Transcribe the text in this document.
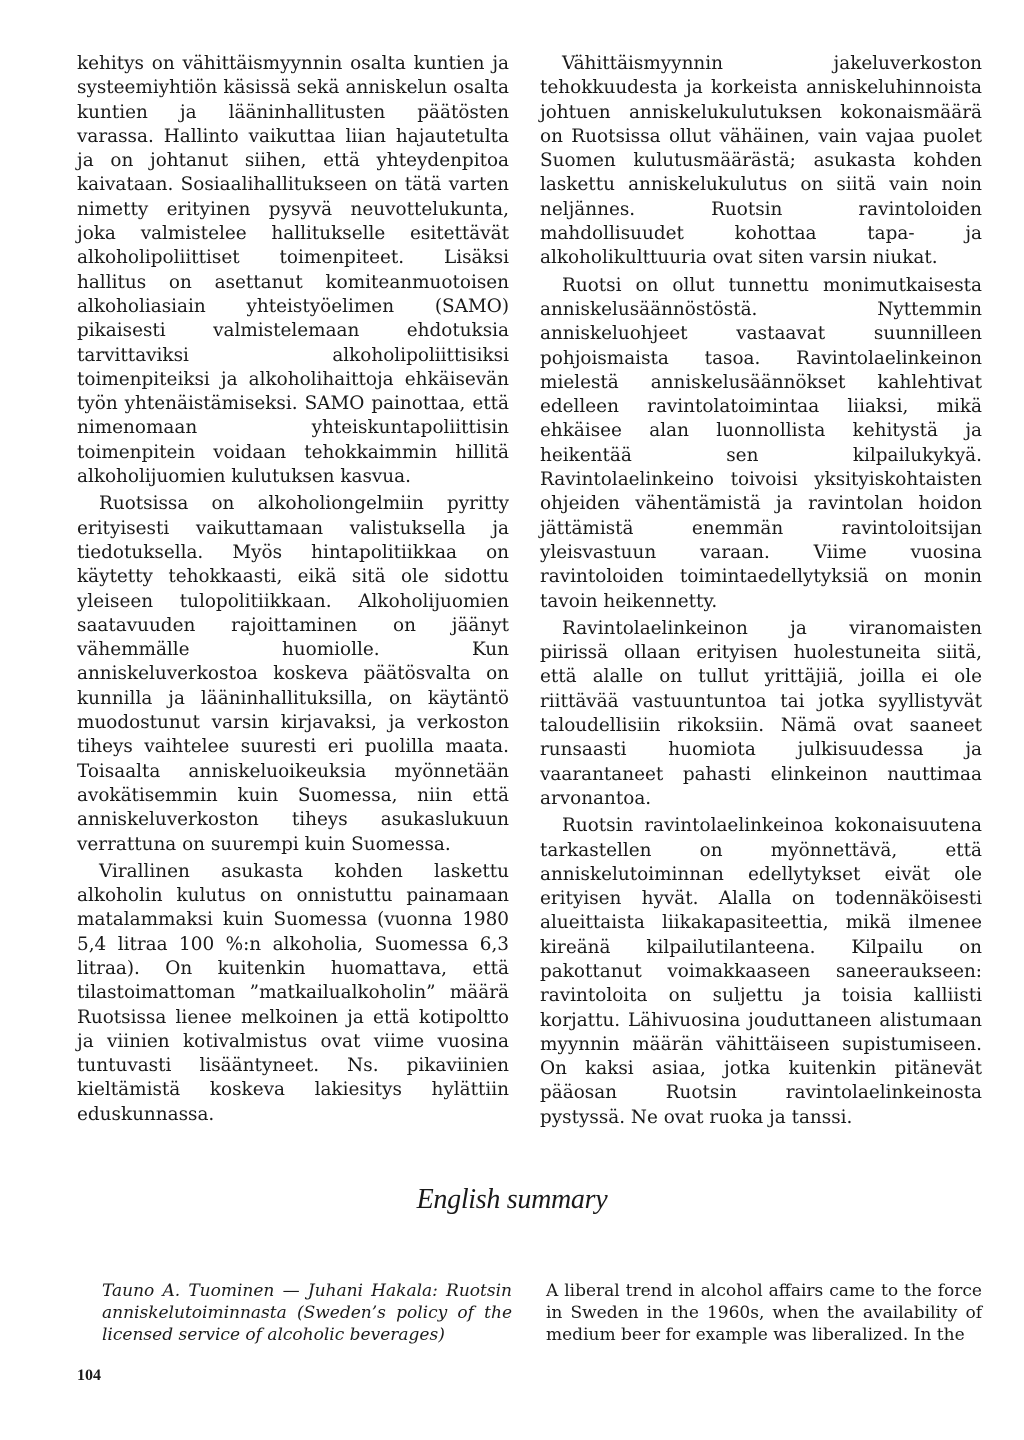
kehitys on vähittäismyynnin osalta kuntien ja systeemiyhtiön käsissä sekä anniskelun osalta kuntien ja lääninhallitusten päätösten varassa. Hallinto vaikuttaa liian hajautetulta ja on johtanut siihen, että yhteydenpitoa kaivataan. Sosiaalihallitukseen on tätä varten nimetty erityinen pysyvä neuvottelukunta, joka valmistelee hallitukselle esitettävät alkoholipoliittiset toimenpiteet. Lisäksi hallitus on asettanut komiteanmuotoisen alkoholiasiain yhteistyöelimen (SAMO) pikaisesti valmistelemaan ehdotuksia tarvittaviksi alkoholipoliittisiksi toimenpiteiksi ja alkoholihaittoja ehkäisevän työn yhtenäistämiseksi. SAMO painottaa, että nimenomaan yhteiskuntapoliittisin toimenpitein voidaan tehokkaimmin hillitä alkoholijuomien kulutuksen kasvua.

Ruotsissa on alkoholiongelmiin pyritty erityisesti vaikuttamaan valistuksella ja tiedotuksella. Myös hintapolitiikkaa on käytetty tehokkaasti, eikä sitä ole sidottu yleiseen tulopolitiikkaan. Alkoholijuomien saatavuuden rajoittaminen on jäänyt vähemmälle huomiolle. Kun anniskeluverkostoa koskeva päätösvalta on kunnilla ja lääninhallituksilla, on käytäntö muodostunut varsin kirjavaksi, ja verkoston tiheys vaihtelee suuresti eri puolilla maata. Toisaalta anniskeluoikeuksia myönnetään avokätisemmin kuin Suomessa, niin että anniskeluverkoston tiheys asukaslukuun verrattuna on suurempi kuin Suomessa.

Virallinen asukasta kohden laskettu alkoholin kulutus on onnistuttu painamaan matalammaksi kuin Suomessa (vuonna 1980 5,4 litraa 100 %:n alkoholia, Suomessa 6,3 litraa). On kuitenkin huomattava, että tilastoimattoman ”matkailualkoholin” määrä Ruotsissa lienee melkoinen ja että kotipoltto ja viinien kotivalmistus ovat viime vuosina tuntuvasti lisääntyneet. Ns. pikaviinien kieltämistä koskeva lakiesitys hylättiin eduskunnassa.

Vähittäismyynnin jakeluverkoston tehokkuudesta ja korkeista anniskeluhinnoista johtuen anniskelukulutuksen kokonaismäärä on Ruotsissa ollut vähäinen, vain vajaa puolet Suomen kulutusmäärästä; asukasta kohden laskettu anniskelukulutus on siitä vain noin neljännes. Ruotsin ravintoloiden mahdollisuudet kohottaa tapa- ja alkoholikulttuuria ovat siten varsin niukat.

Ruotsi on ollut tunnettu monimutkaisesta anniskelusäännöstöstä. Nyttemmin anniskeluohjeet vastaavat suunnilleen pohjoismaista tasoa. Ravintolaelinkeinon mielestä anniskelusäännökset kahlehtivat edelleen ravintolatoimintaa liiaksi, mikä ehkäisee alan luonnollista kehitystä ja heikentää sen kilpailukykyä. Ravintolaelinkeino toivoisi yksityiskohtaisten ohjeiden vähentämistä ja ravintolan hoidon jättämistä enemmän ravintoloitsijan yleisvastuun varaan. Viime vuosina ravintoloiden toimintaedellytyksiä on monin tavoin heikennetty.

Ravintolaelinkeinon ja viranomaisten piirissä ollaan erityisen huolestuneita siitä, että alalle on tullut yrittäjiä, joilla ei ole riittävää vastuuntuntoa tai jotka syyllistyvät taloudellisiin rikoksiin. Nämä ovat saaneet runsaasti huomiota julkisuudessa ja vaarantaneet pahasti elinkeinon nauttimaa arvonantoa.

Ruotsin ravintolaelinkeinoa kokonaisuutena tarkastellen on myönnettävä, että anniskelutoiminnan edellytykset eivät ole erityisen hyvät. Alalla on todennäköisesti alueittaista liikakapasiteettia, mikä ilmenee kireänä kilpailutilanteena. Kilpailu on pakottanut voimakkaaseen saneeraukseen: ravintoloita on suljettu ja toisia kalliisti korjattu. Lähivuosina jouduttaneen alistumaan myynnin määrän vähittäiseen supistumiseen. On kaksi asiaa, jotka kuitenkin pitänevät pääosan Ruotsin ravintolaelinkeinosta pystyssä. Ne ovat ruoka ja tanssi.

English summary
Tauno A. Tuominen — Juhani Hakala: Ruotsin anniskelutoiminnasta (Sweden’s policy of the licensed service of alcoholic beverages)
A liberal trend in alcohol affairs came to the force in Sweden in the 1960s, when the availability of medium beer for example was liberalized. In the
104
